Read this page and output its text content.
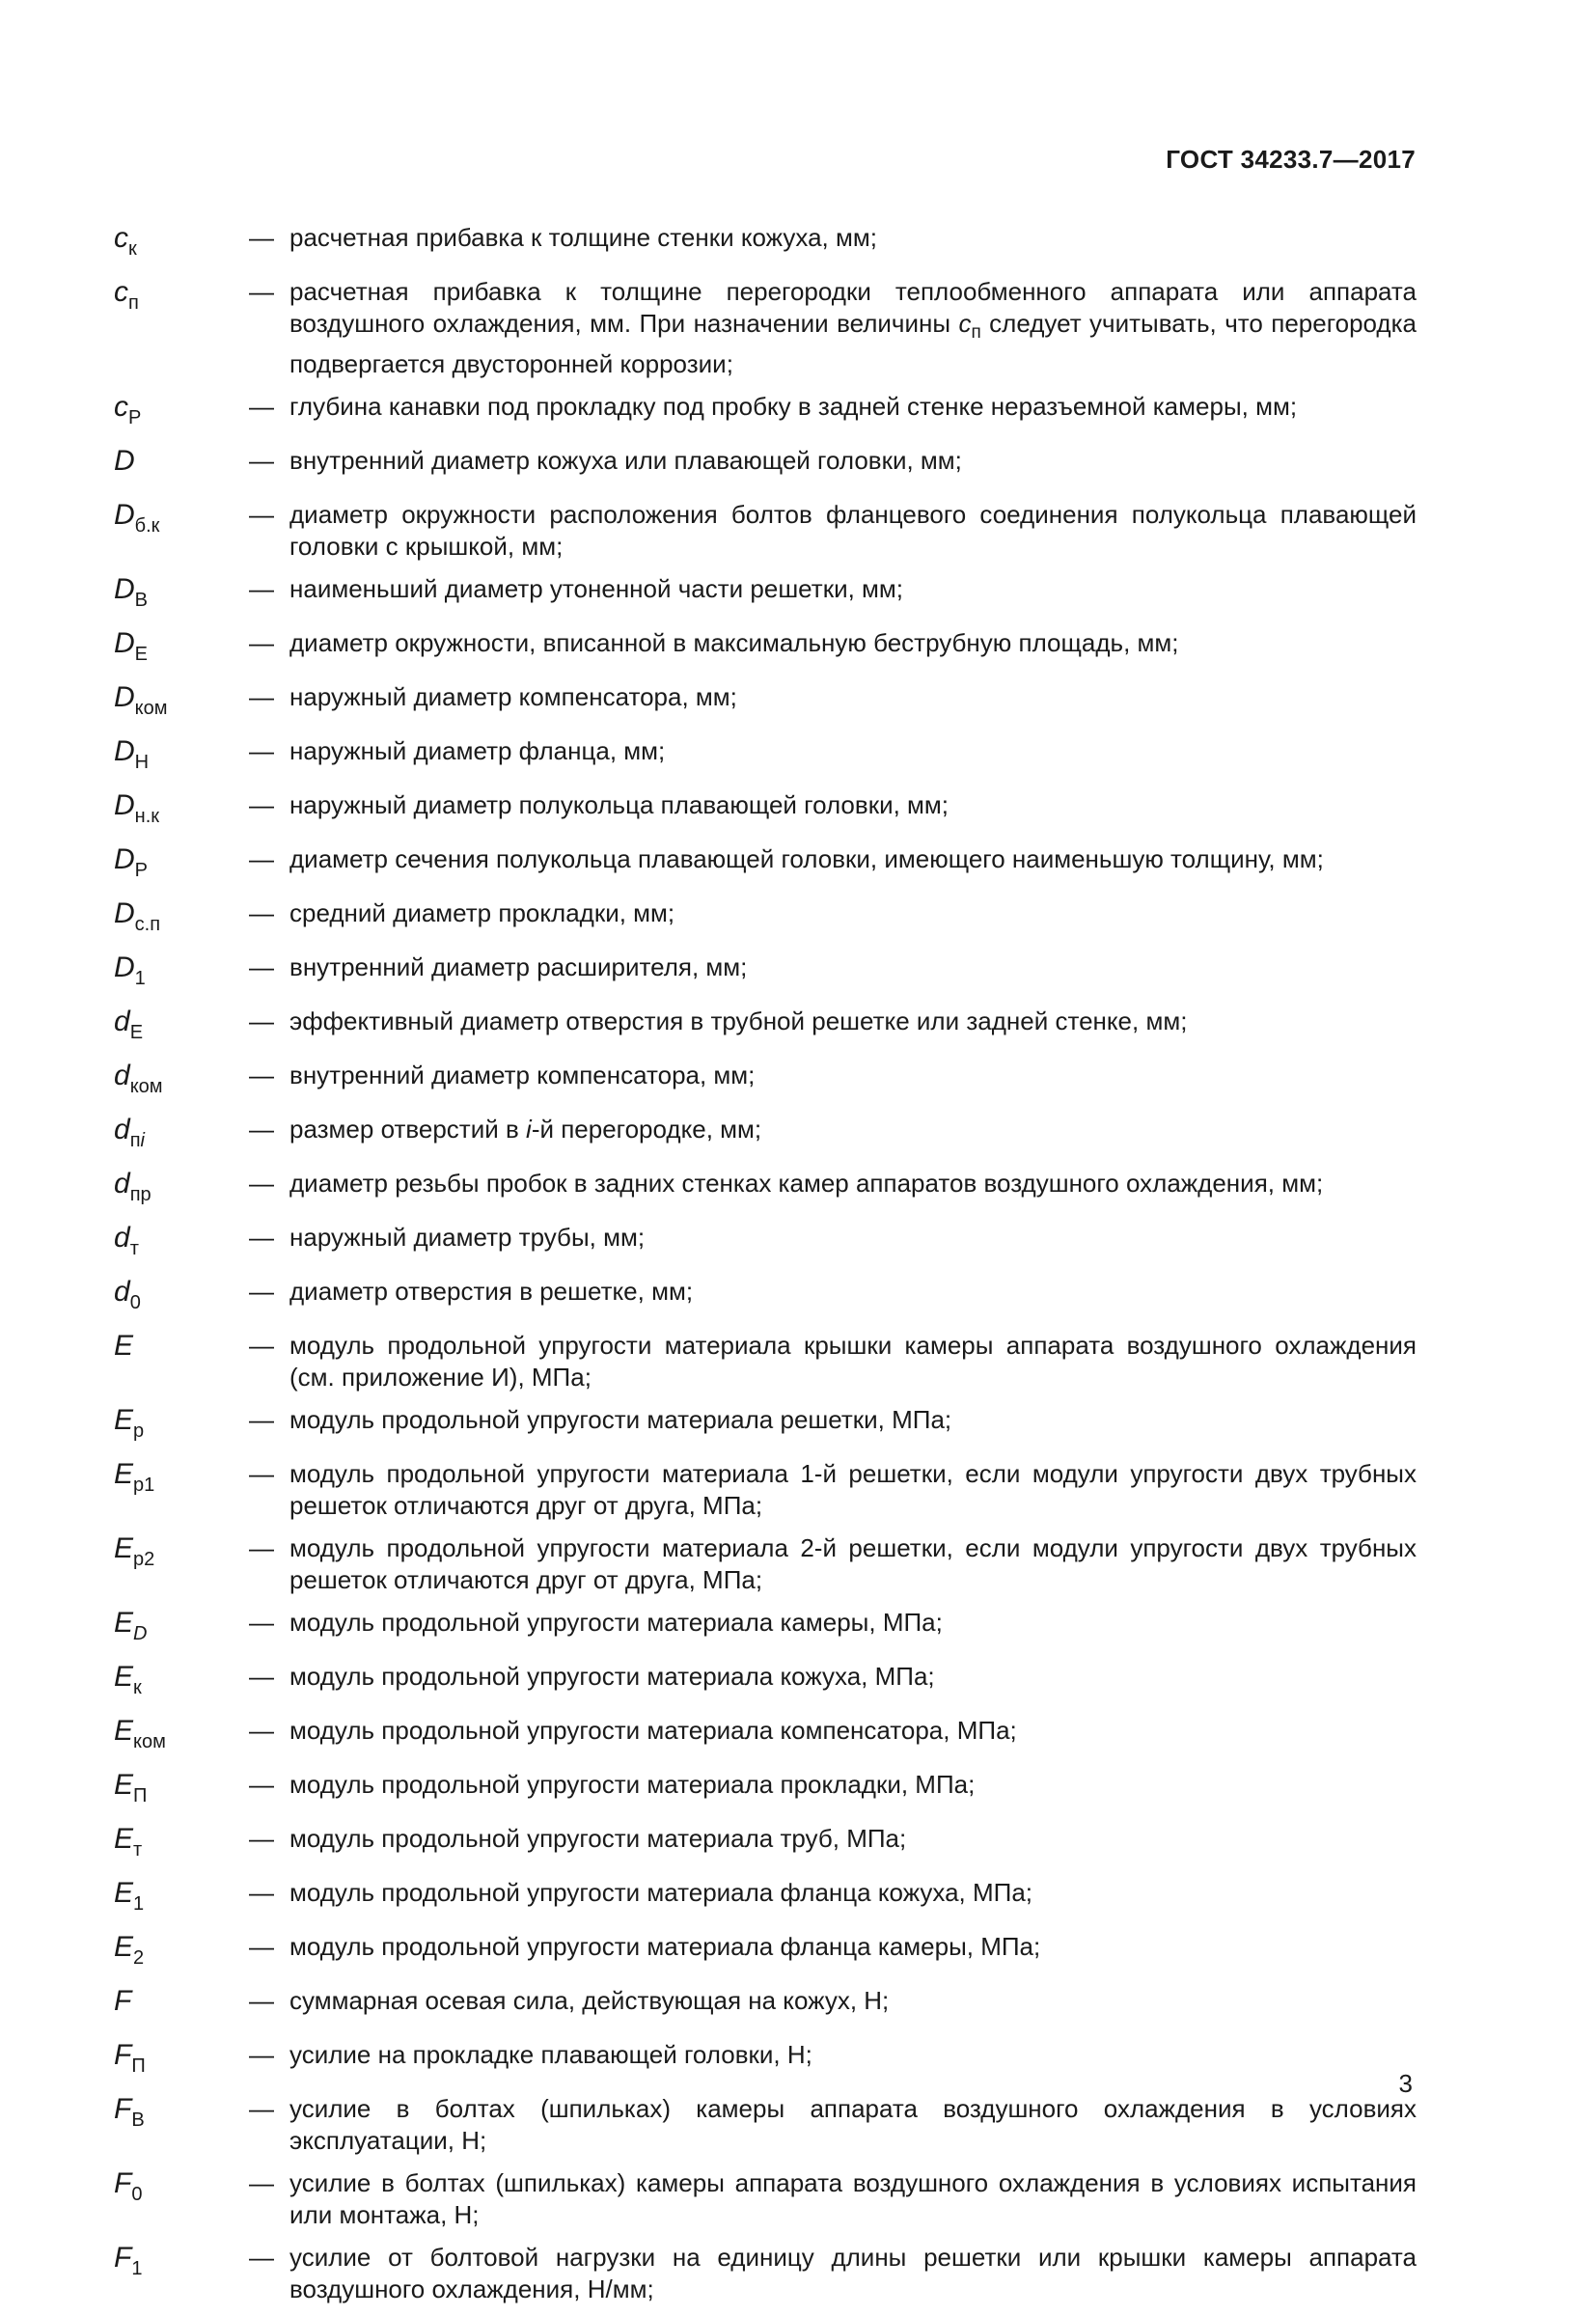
ГОСТ 34233.7—2017
$c_к$	— расчетная прибавка к толщине стенки кожуха, мм;
$c_п$	— расчетная прибавка к толщине перегородки теплообменного аппарата или аппарата воздушного охлаждения, мм. При назначении величины $c_п$ следует учитывать, что перегородка подвергается двусторонней коррозии;
$c_Р$	— глубина канавки под прокладку под пробку в задней стенке неразъемной камеры, мм;
D	— внутренний диаметр кожуха или плавающей головки, мм;
$D_{б.к}$	— диаметр окружности расположения болтов фланцевого соединения полукольца плавающей головки с крышкой, мм;
$D_В$	— наименьший диаметр утоненной части решетки, мм;
$D_Е$	— диаметр окружности, вписанной в максимальную беструбную площадь, мм;
$D_{ком}$	— наружный диаметр компенсатора, мм;
$D_Н$	— наружный диаметр фланца, мм;
$D_{н.к}$	— наружный диаметр полукольца плавающей головки, мм;
$D_Р$	— диаметр сечения полукольца плавающей головки, имеющего наименьшую толщину, мм;
$D_{с.п}$	— средний диаметр прокладки, мм;
$D_1$	— внутренний диаметр расширителя, мм;
$d_Е$	— эффективный диаметр отверстия в трубной решетке или задней стенке, мм;
$d_{ком}$	— внутренний диаметр компенсатора, мм;
$d_{пi}$	— размер отверстий в i-й перегородке, мм;
$d_{пр}$	— диаметр резьбы пробок в задних стенках камер аппаратов воздушного охлаждения, мм;
$d_т$	— наружный диаметр трубы, мм;
$d_0$	— диаметр отверстия в решетке, мм;
E	— модуль продольной упругости материала крышки камеры аппарата воздушного охлаждения (см. приложение И), МПа;
$E_р$	— модуль продольной упругости материала решетки, МПа;
$E_{р1}$	— модуль продольной упругости материала 1-й решетки, если модули упругости двух трубных решеток отличаются друг от друга, МПа;
$E_{р2}$	— модуль продольной упругости материала 2-й решетки, если модули упругости двух трубных решеток отличаются друг от друга, МПа;
$E_D$	— модуль продольной упругости материала камеры, МПа;
$E_к$	— модуль продольной упругости материала кожуха, МПа;
$E_{ком}$	— модуль продольной упругости материала компенсатора, МПа;
$E_П$	— модуль продольной упругости материала прокладки, МПа;
$E_т$	— модуль продольной упругости материала труб, МПа;
$E_1$	— модуль продольной упругости материала фланца кожуха, МПа;
$E_2$	— модуль продольной упругости материала фланца камеры, МПа;
F	— суммарная осевая сила, действующая на кожух, Н;
$F_П$	— усилие на прокладке плавающей головки, Н;
$F_В$	— усилие в болтах (шпильках) камеры аппарата воздушного охлаждения в условиях эксплуатации, Н;
$F_0$	— усилие в болтах (шпильках) камеры аппарата воздушного охлаждения в условиях испытания или монтажа, Н;
$F_1$	— усилие от болтовой нагрузки на единицу длины решетки или крышки камеры аппарата воздушного охлаждения, Н/мм;
3
